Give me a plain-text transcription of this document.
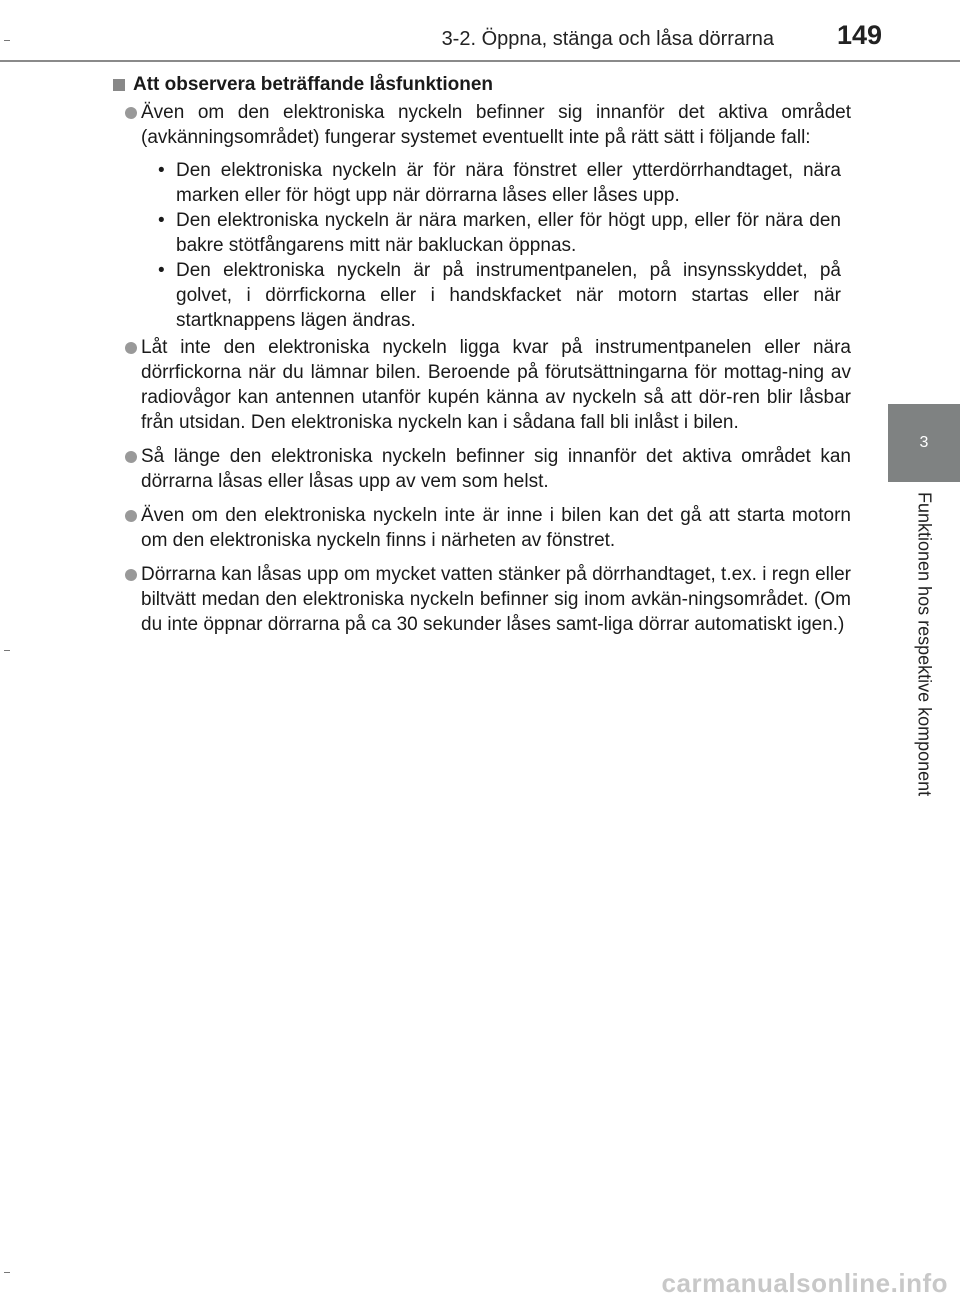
3-2. Öppna, stänga och låsa dörrarna 149
3
Funktionen hos respektive komponent
Att observera beträffande låsfunktionen
Även om den elektroniska nyckeln befinner sig innanför det aktiva området (avkänningsområdet) fungerar systemet eventuellt inte på rätt sätt i följande fall:
• Den elektroniska nyckeln är för nära fönstret eller ytterdörrhandtaget, nära marken eller för högt upp när dörrarna låses eller låses upp.
• Den elektroniska nyckeln är nära marken, eller för högt upp, eller för nära den bakre stötfångarens mitt när bakluckan öppnas.
• Den elektroniska nyckeln är på instrumentpanelen, på insynsskyddet, på golvet, i dörrfickorna eller i handskfacket när motorn startas eller när startknappens lägen ändras.
Låt inte den elektroniska nyckeln ligga kvar på instrumentpanelen eller nära dörrfickorna när du lämnar bilen. Beroende på förutsättningarna för mottag-ning av radiovågor kan antennen utanför kupén känna av nyckeln så att dör-ren blir låsbar från utsidan. Den elektroniska nyckeln kan i sådana fall bli inlåst i bilen.
Så länge den elektroniska nyckeln befinner sig innanför det aktiva området kan dörrarna låsas eller låsas upp av vem som helst.
Även om den elektroniska nyckeln inte är inne i bilen kan det gå att starta motorn om den elektroniska nyckeln finns i närheten av fönstret.
Dörrarna kan låsas upp om mycket vatten stänker på dörrhandtaget, t.ex. i regn eller biltvätt medan den elektroniska nyckeln befinner sig inom avkän-ningsområdet. (Om du inte öppnar dörrarna på ca 30 sekunder låses samt-liga dörrar automatiskt igen.)
carmanualsonline.info
